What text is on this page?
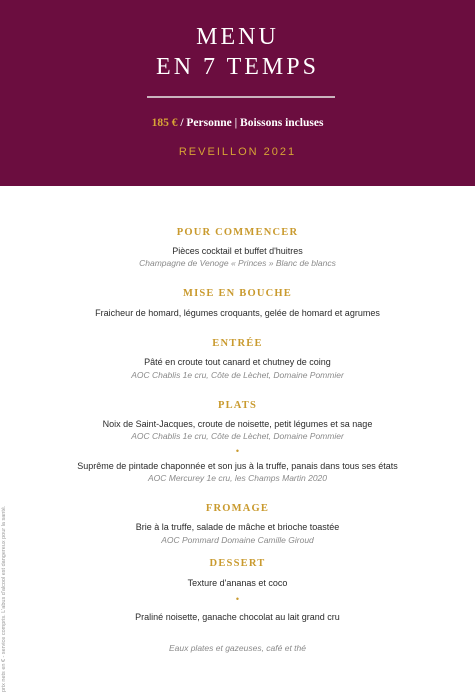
MENU
EN 7 TEMPS
185 € / Personne | Boissons incluses
REVEILLON 2021
POUR COMMENCER
Pièces cocktail et buffet d'huitres
Champagne de Venoge « Princes » Blanc de blancs
MISE EN BOUCHE
Fraicheur de homard, légumes croquants, gelée de homard et agrumes
ENTRÉE
Pâté en croute tout canard et chutney de coing
AOC Chablis 1e cru, Côte de Lèchet, Domaine Pommier
PLATS
Noix de Saint-Jacques, croute de noisette, petit légumes et sa nage
AOC Chablis 1e cru, Côte de Lèchet, Domaine Pommier
•
Suprême de pintade chaponnée et son jus à la truffe, panais dans tous ses états
AOC Mercurey 1e cru, les Champs Martin 2020
FROMAGE
Brie à la truffe, salade de mâche et brioche toastée
AOC Pommard Domaine Camille Giroud
DESSERT
Texture d'ananas et coco
•
Praliné noisette, ganache chocolat au lait grand cru
Eaux plates et gazeuses, café et thé
prix nets en € - service compris. L'abus d'alcool est dangereux pour la santé.
